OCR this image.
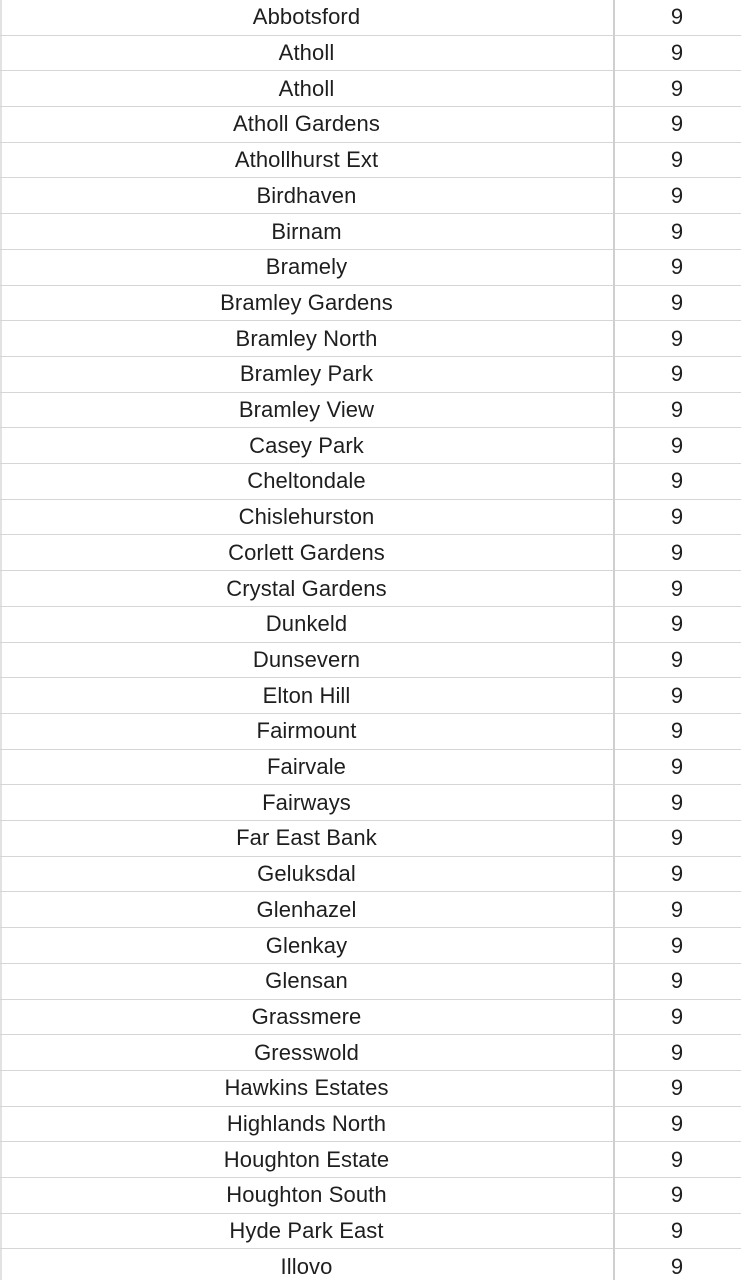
Abbotsford	9
Atholl	9
Atholl	9
Atholl Gardens	9
Athollhurst Ext	9
Birdhaven	9
Birnam	9
Bramely	9
Bramley Gardens	9
Bramley North	9
Bramley Park	9
Bramley View	9
Casey Park	9
Cheltondale	9
Chislehurston	9
Corlett Gardens	9
Crystal Gardens	9
Dunkeld	9
Dunsevern	9
Elton Hill	9
Fairmount	9
Fairvale	9
Fairways	9
Far East Bank	9
Geluksdal	9
Glenhazel	9
Glenkay	9
Glensan	9
Grassmere	9
Gresswold	9
Hawkins Estates	9
Highlands North	9
Houghton Estate	9
Houghton South	9
Hyde Park East	9
Illovo	9
